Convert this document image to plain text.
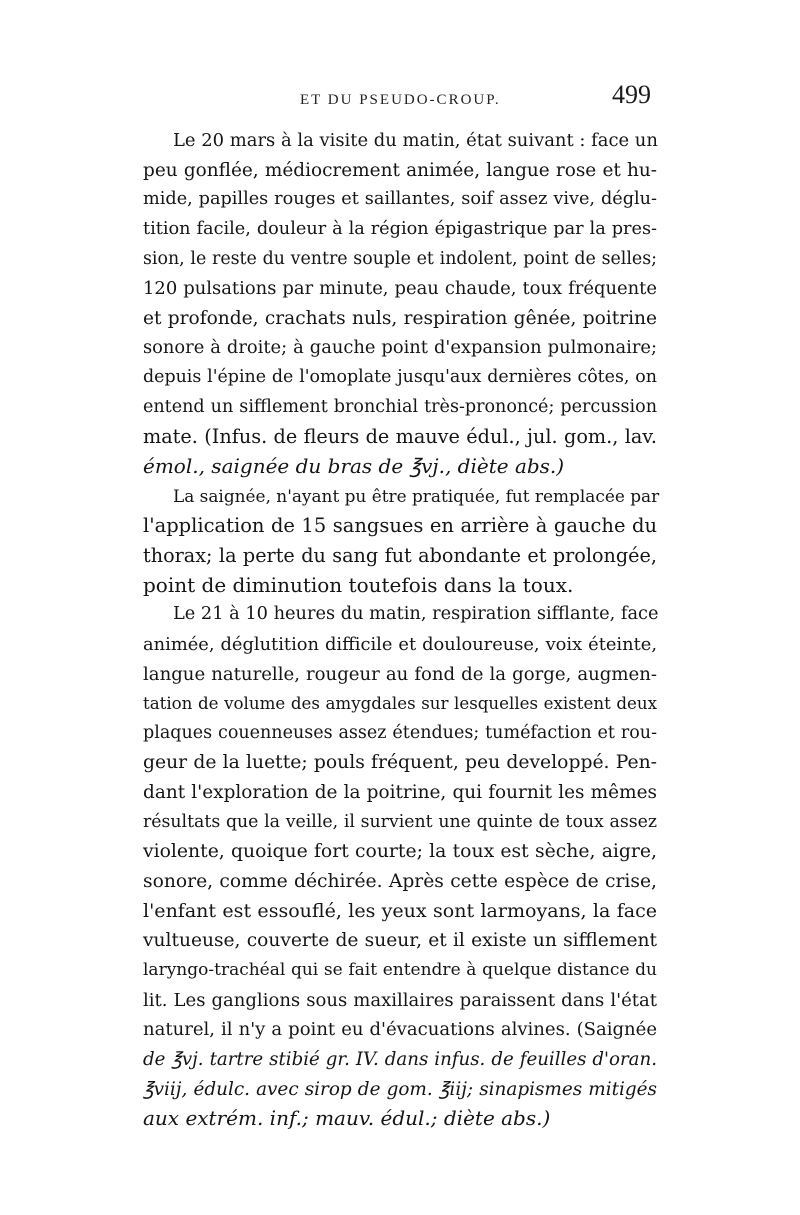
ET DU PSEUDO-CROUP.	499
Le 20 mars à la visite du matin, état suivant : face un
peu gonflée, médiocrement animée, langue rose et hu-
mide, papilles rouges et saillantes, soif assez vive, déglu-
tition facile, douleur à la région épigastrique par la pres-
sion, le reste du ventre souple et indolent, point de selles;
120 pulsations par minute, peau chaude, toux fréquente
et profonde, crachats nuls, respiration gênée, poitrine
sonore à droite; à gauche point d'expansion pulmonaire;
depuis l'épine de l'omoplate jusqu'aux dernières côtes, on
entend un sifflement bronchial très-prononcé; percussion
mate. (Infus. de fleurs de mauve édul., jul. gom., lav.
émol., saignée du bras de ℥vj., diète abs.)
La saignée, n'ayant pu être pratiquée, fut remplacée par
l'application de 15 sangsues en arrière à gauche du
thorax; la perte du sang fut abondante et prolongée,
point de diminution toutefois dans la toux.
Le 21 à 10 heures du matin, respiration sifflante, face
animée, déglutition difficile et douloureuse, voix éteinte,
langue naturelle, rougeur au fond de la gorge, augmen-
tation de volume des amygdales sur lesquelles existent deux
plaques couenneuses assez étendues; tuméfaction et rou-
geur de la luette; pouls fréquent, peu developpé. Pen-
dant l'exploration de la poitrine, qui fournit les mêmes
résultats que la veille, il survient une quinte de toux assez
violente, quoique fort courte; la toux est sèche, aigre,
sonore, comme déchirée. Après cette espèce de crise,
l'enfant est essouflé, les yeux sont larmoyans, la face
vultueuse, couverte de sueur, et il existe un sifflement
laryngo-trachéal qui se fait entendre à quelque distance du
lit. Les ganglions sous maxillaires paraissent dans l'état
naturel, il n'y a point eu d'évacuations alvines. (Saignée
de ℥vj. tartre stibié gr. IV. dans infus. de feuilles d'oran.
℥viij, édulc. avec sirop de gom. ℥iij; sinapismes mitigés
aux extrém. inf.; mauv. édul.; diète abs.)
